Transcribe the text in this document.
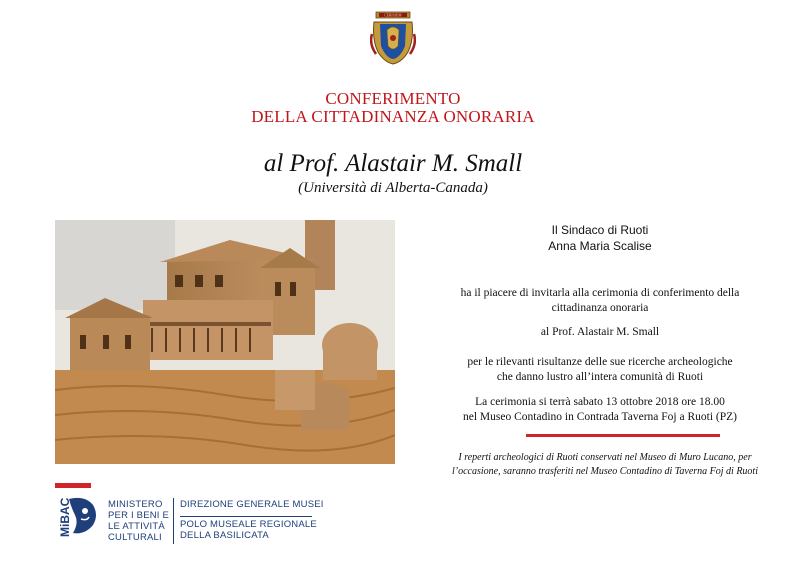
CERISIUM
CONFERIMENTO
DELLA CITTADINANZA ONORARIA
al Prof. Alastair M. Small
(Università di Alberta-Canada)
Il Sindaco di Ruoti
Anna Maria Scalise
ha il piacere di invitarla alla cerimonia di conferimento della
cittadinanza onoraria
al Prof. Alastair M. Small
per le rilevanti risultanze delle sue ricerche archeologiche
che danno lustro all’intera comunità di Ruoti
La cerimonia si terrà sabato 13 ottobre 2018 ore 18.00
nel Museo Contadino in Contrada Taverna Foj a Ruoti (PZ)
I reperti archeologici di Ruoti conservati nel Museo di Muro Lucano, per
l’occasione, saranno trasferiti nel Museo Contadino di Taverna Foj di Ruoti
MiBAC	MINISTERO
PER I BENI E
LE ATTIVITÀ
CULTURALI
DIREZIONE GENERALE MUSEI
POLO MUSEALE REGIONALE
DELLA BASILICATA
